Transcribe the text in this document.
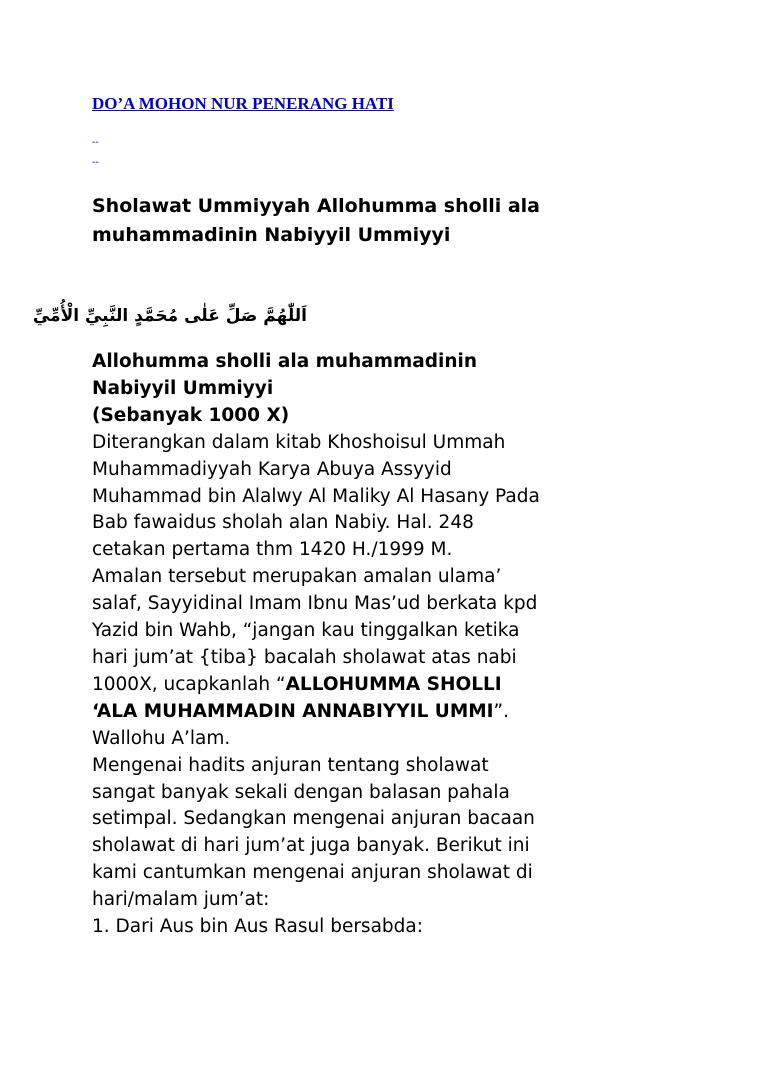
DO’A MOHON NUR PENERANG HATI

--

--

Sholawat Ummiyyah Allohumma sholli ala
muhammadinin Nabiyyil Ummiyyi

اَللّٰهُمَّ صَلِّ عَلٰى مُحَمَّدٍ النَّبِيِّ الْأُمِّيِّ

Allohumma sholli ala muhammadinin
Nabiyyil Ummiyyi
(Sebanyak 1000 X)
Diterangkan dalam kitab Khoshoisul Ummah
Muhammadiyyah Karya Abuya Assyyid
Muhammad bin Alalwy Al Maliky Al Hasany Pada
Bab fawaidus sholah alan Nabiy. Hal. 248
cetakan pertama thm 1420 H./1999 M.
Amalan tersebut merupakan amalan ulama’
salaf, Sayyidinal Imam Ibnu Mas’ud berkata kpd
Yazid bin Wahb, “jangan kau tinggalkan ketika
hari jum’at {tiba} bacalah sholawat atas nabi
1000X, ucapkanlah “ALLOHUMMA SHOLLI
‘ALA MUHAMMADIN ANNABIYYIL UMMI”.
Wallohu A’lam.
Mengenai hadits anjuran tentang sholawat
sangat banyak sekali dengan balasan pahala
setimpal. Sedangkan mengenai anjuran bacaan
sholawat di hari jum’at juga banyak. Berikut ini
kami cantumkan mengenai anjuran sholawat di
hari/malam jum’at:
1. Dari Aus bin Aus Rasul bersabda:
